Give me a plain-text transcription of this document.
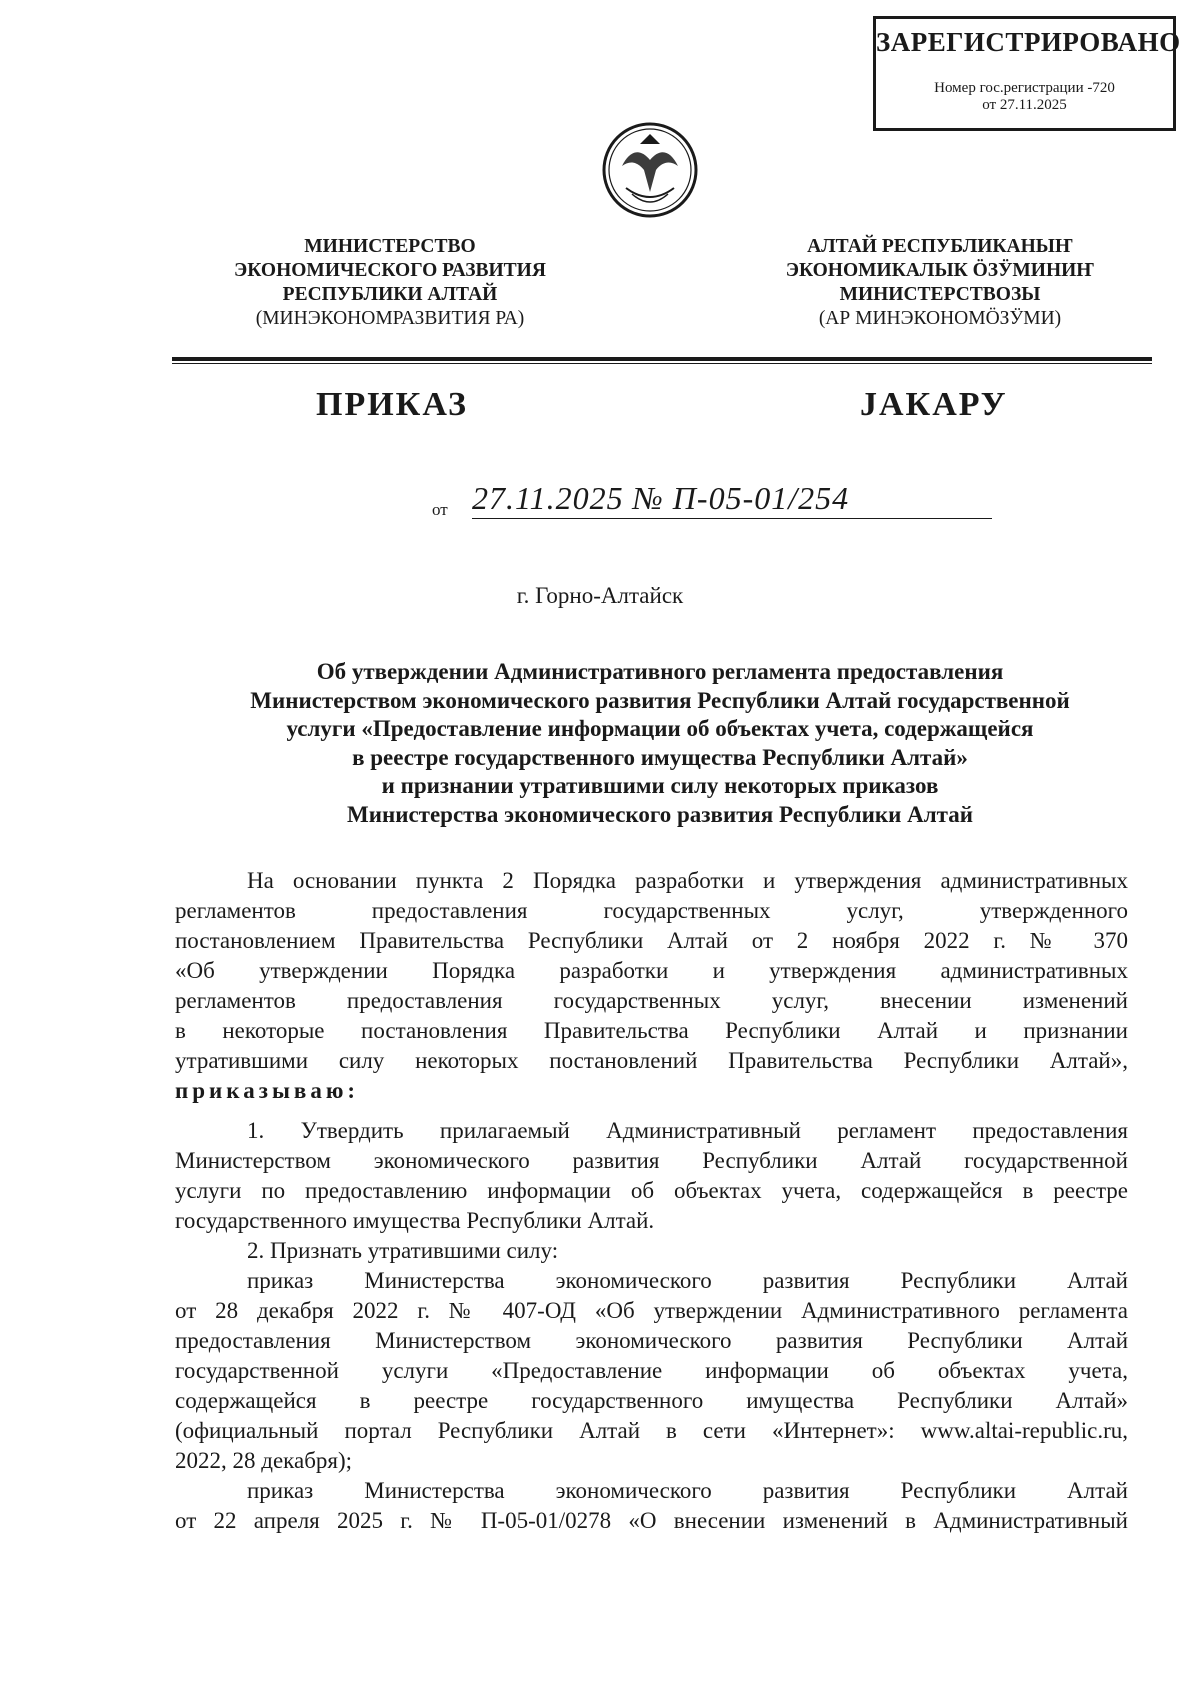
ЗАРЕГИСТРИРОВАНО
Номер гос.регистрации -720
от 27.11.2025
МИНИСТЕРСТВО
ЭКОНОМИЧЕСКОГО РАЗВИТИЯ
РЕСПУБЛИКИ АЛТАЙ
(МИНЭКОНОМРАЗВИТИЯ РА)
АЛТАЙ РЕСПУБЛИКАНЫҤ
ЭКОНОМИКАЛЫК ӦЗӰМИНИҤ
МИНИСТЕРСТВОЗЫ
(АР МИНЭКОНОМӦЗӰМИ)
ПРИКАЗ	ЈАКАРУ
от 27.11.2025 № П-05-01/254
г. Горно-Алтайск
Об утверждении Административного регламента предоставления
Министерством экономического развития Республики Алтай государственной
услуги «Предоставление информации об объектах учета, содержащейся
в реестре государственного имущества Республики Алтай»
и признании утратившими силу некоторых приказов
Министерства экономического развития Республики Алтай

На основании пункта 2 Порядка разработки и утверждения административных

регламентов предоставления государственных услуг, утвержденного

постановлением Правительства Республики Алтай от 2 ноября 2022 г. № 370

«Об утверждении Порядка разработки и утверждения административных

регламентов предоставления государственных услуг, внесении изменений

в некоторые постановления Правительства Республики Алтай и признании

утратившими силу некоторых постановлений Правительства Республики Алтай»,

приказываю:

1. Утвердить прилагаемый Административный регламент предоставления

Министерством экономического развития Республики Алтай государственной

услуги по предоставлению информации об объектах учета, содержащейся в реестре

государственного имущества Республики Алтай.

2. Признать утратившими силу:

приказ Министерства экономического развития Республики Алтай

от 28 декабря 2022 г. № 407-ОД «Об утверждении Административного регламента

предоставления Министерством экономического развития Республики Алтай

государственной услуги «Предоставление информации об объектах учета,

содержащейся в реестре государственного имущества Республики Алтай»

(официальный портал Республики Алтай в сети «Интернет»: www.altai-republic.ru,

2022, 28 декабря);

приказ Министерства экономического развития Республики Алтай

от 22 апреля 2025 г. № П-05-01/0278 «О внесении изменений в Административный
